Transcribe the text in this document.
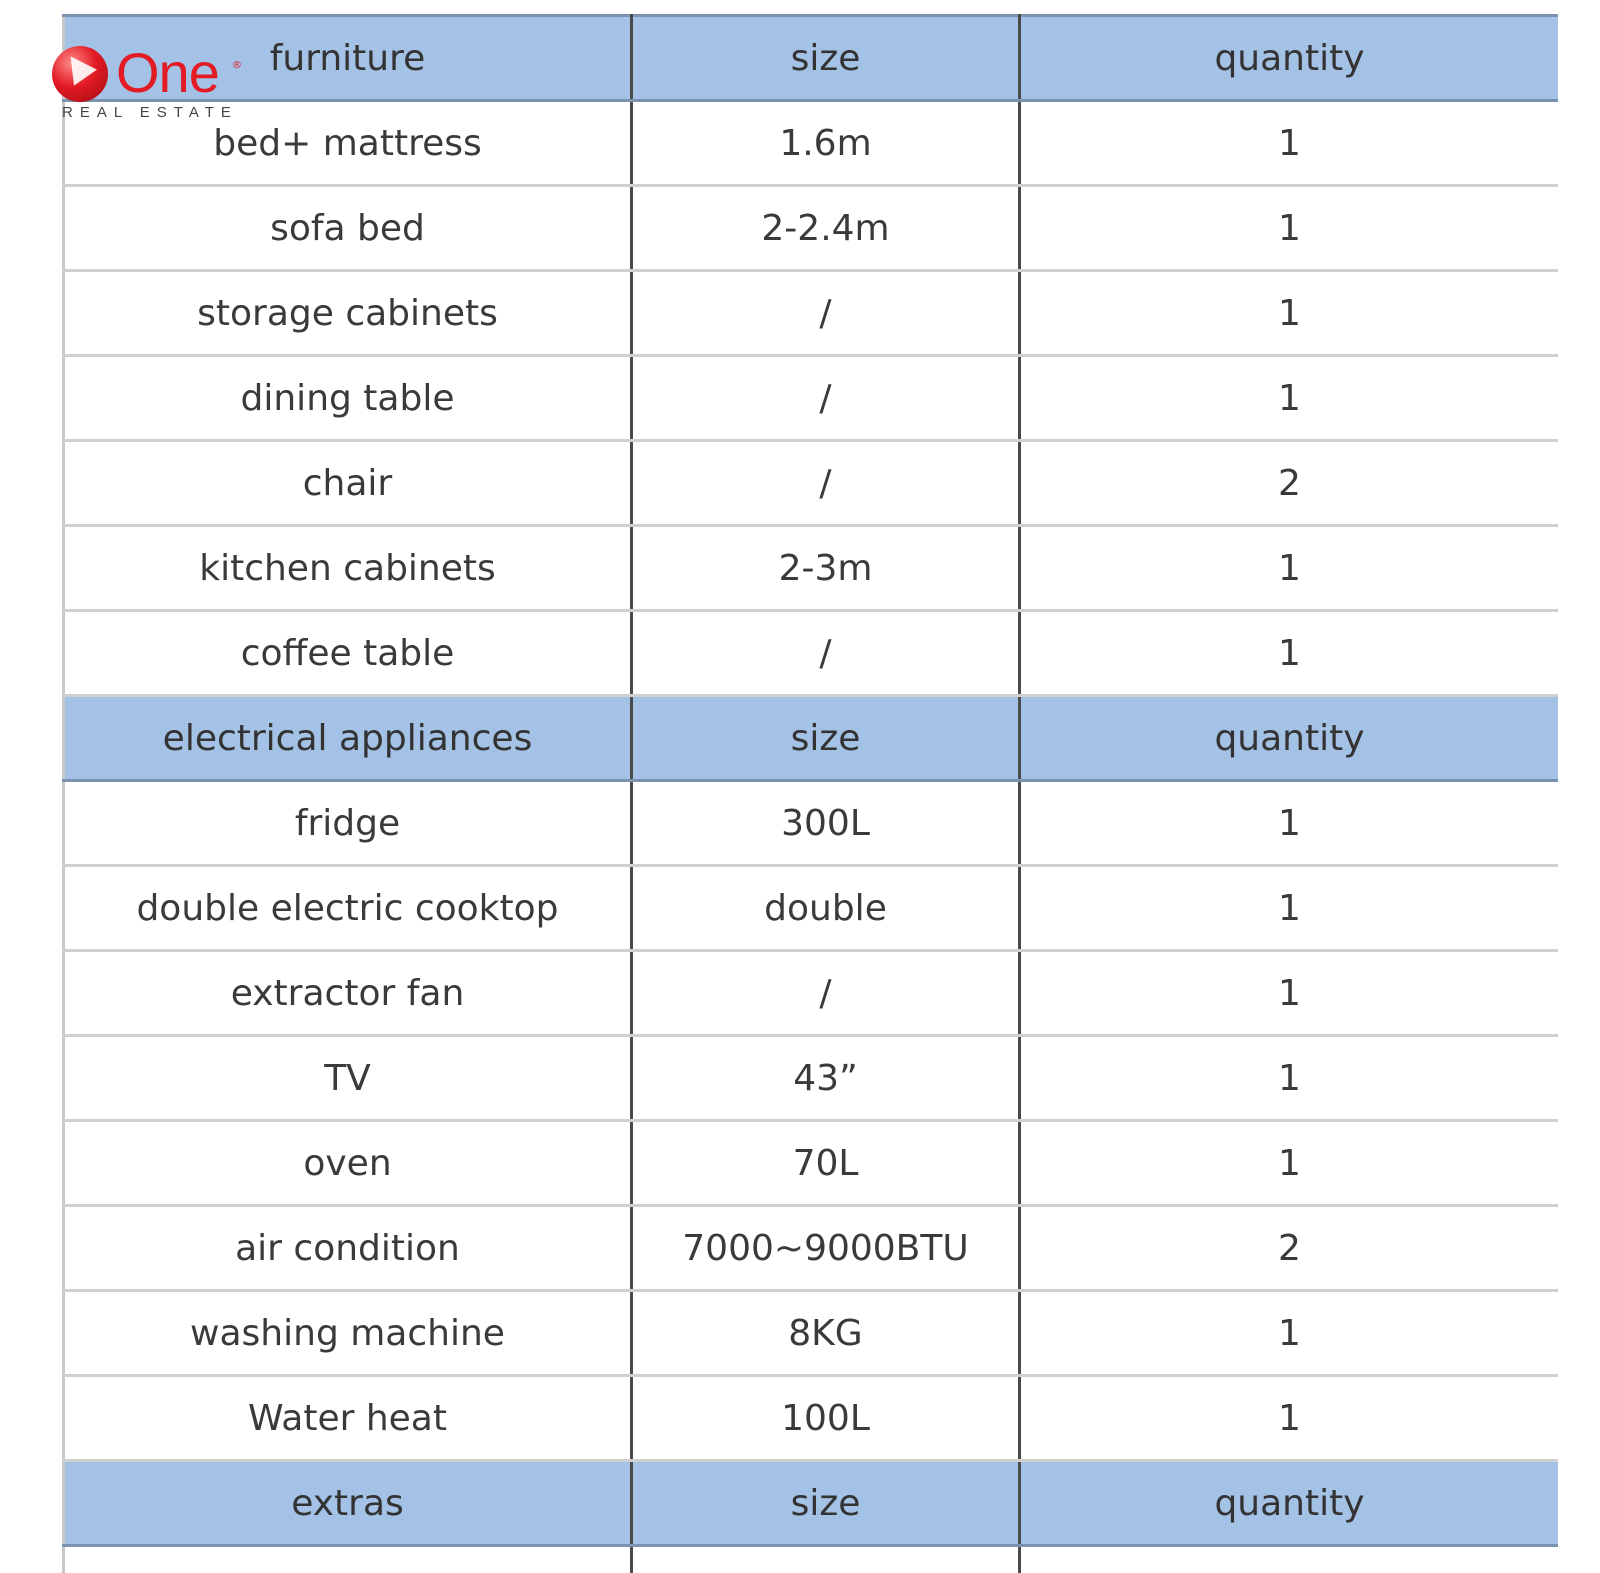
One ®
REAL ESTATE
furniture	size	quantity
bed+ mattress	1.6m	1
sofa bed	2-2.4m	1
storage cabinets	/	1
dining table	/	1
chair	/	2
kitchen cabinets	2-3m	1
coffee table	/	1
electrical appliances	size	quantity
fridge	300L	1
double electric cooktop	double	1
extractor fan	/	1
TV	43”	1
oven	70L	1
air condition	7000~9000BTU	2
washing machine	8KG	1
Water heat	100L	1
extras	size	quantity
